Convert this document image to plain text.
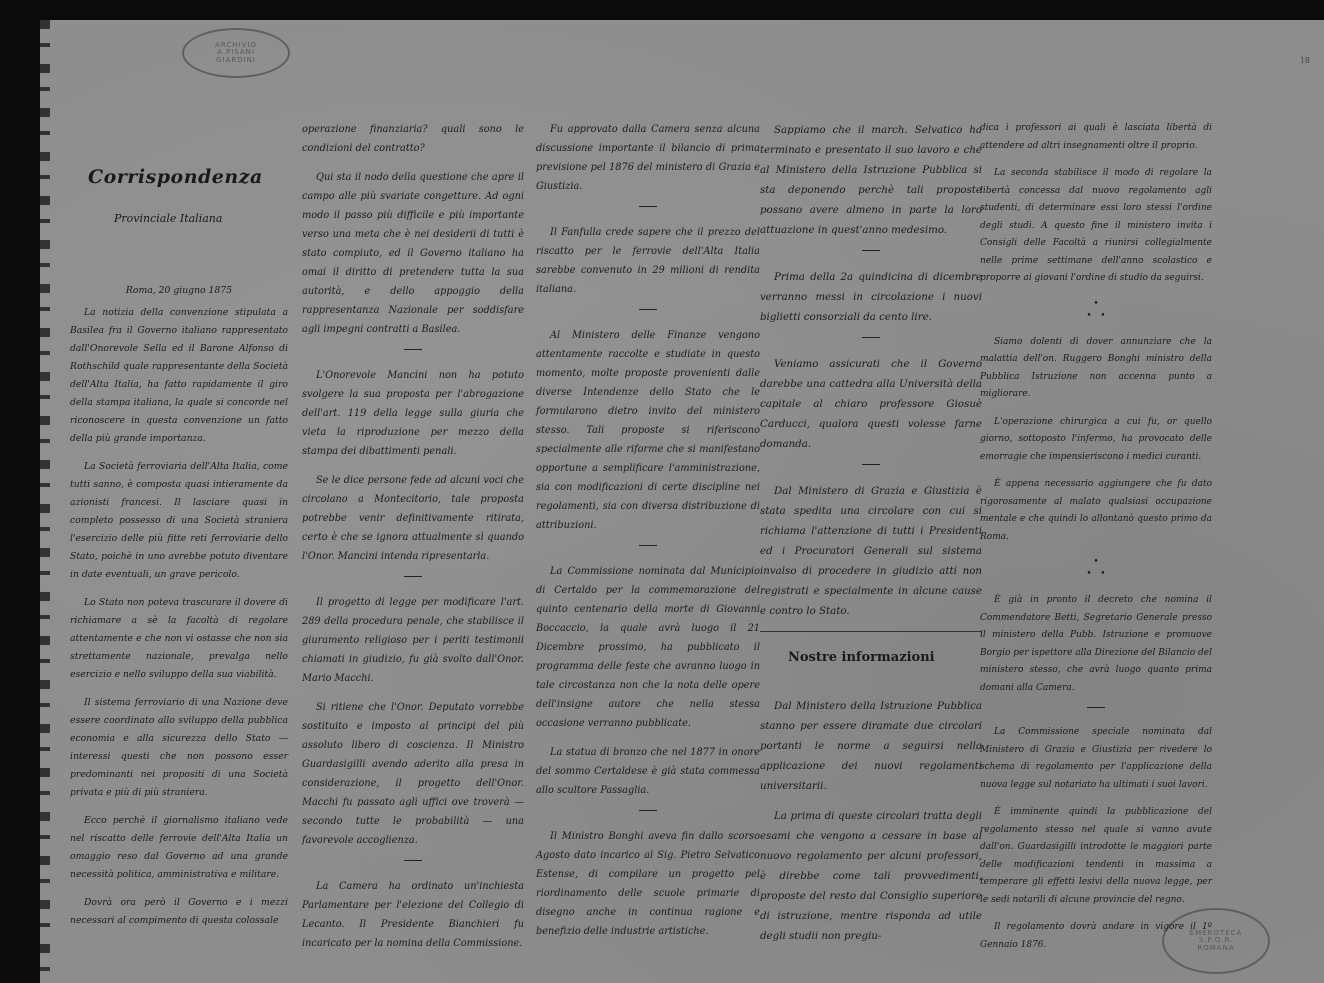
18
ARCHIVIO
A.PISANI
GIARDINI
EMEROTECA
S.P.Q.R.
ROMANA
Corrispondenza
Provinciale Italiana

Roma, 20 giugno 1875

La notizia della convenzione stipulata a Basilea fra il Governo italiano rappresentato dall'Onorevole Sella ed il Barone Alfonso di Rothschild quale rappresentante della Società dell'Alta Italia, ha fatto rapidamente il giro della stampa italiana, la quale si concorde nel riconoscere in questa convenzione un fatto della più grande importanza.

La Società ferroviaria dell'Alta Italia, come tutti sanno, è composta quasi intieramente da azionisti francesi. Il lasciare quasi in completo possesso di una Società straniera l'esercizio delle più fitte reti ferroviarie dello Stato, poichè in uno avrebbe potuto diventare in date eventuali, un grave pericolo.

Lo Stato non poteva trascurare il dovere di richiamare a sè la facoltà di regolare attentamente e che non vi ostasse che non sia strettamente nazionale, prevalga nello esercizio e nello sviluppo della sua viabilità.

Il sistema ferroviario di una Nazione deve essere coordinato allo sviluppo della pubblica economia e alla sicurezza dello Stato — interessi questi che non possono esser predominanti nei propositi di una Società privata e più di più straniera.

Ecco perchè il giornalismo italiano vede nel riscatto delle ferrovie dell'Alta Italia un omaggio reso dal Governo ad una grande necessità politica, amministrativa e militare.

Dovrà ora però il Governo e i mezzi necessari al compimento di questa colossale

operazione finanziaria? quali sono le condizioni del contratto?

Qui sta il nodo della questione che apre il campo alle più svariate congetture. Ad ogni modo il passo più difficile e più importante verso una meta che è nei desiderii di tutti è stato compiuto, ed il Governo italiano ha omai il diritto di pretendere tutta la sua autorità, e dello appoggio della rappresentanza Nazionale per soddisfare agli impegni contratti a Basilea.

L'Onorevole Mancini non ha potuto svolgere la sua proposta per l'abrogazione dell'art. 119 della legge sulla giuria che vieta la riproduzione per mezzo della stampa dei dibattimenti penali.

Se le dice persone fede ad alcuni voci che circolano a Montecitorio, tale proposta potrebbe venir definitivamente ritirata, certo è che se ignora attualmente sì quando l'Onor. Mancini intenda ripresentarla.

Il progetto di legge per modificare l'art. 289 della procedura penale, che stabilisce il giuramento religioso per i periti testimonii chiamati in giudizio, fu già svolto dall'Onor. Mario Macchi.

Si ritiene che l'Onor. Deputato vorrebbe sostituito e imposto al principi del più assoluto libero di coscienza. Il Ministro Guardasigilli avendo aderito alla presa in considerazione, il progetto dell'Onor. Macchi fu passato agli uffici ove troverà — secondo tutte le probabilità — una favorevole accoglienza.

La Camera ha ordinato un'inchiesta Parlamentare per l'elezione del Collegio di Lecanto. Il Presidente Bianchieri fu incaricato per la nomina della Commissione.

Fu approvato dalla Camera senza alcuna discussione importante il bilancio di prima previsione pel 1876 del ministero di Grazia e Giustizia.

Il Fanfulla crede sapere che il prezzo del riscatto per le ferrovie dell'Alta Italia sarebbe convenuto in 29 milioni di rendita italiana.

Al Ministero delle Finanze vengono attentamente raccolte e studiate in questo momento, molte proposte provenienti dalle diverse Intendenze dello Stato che le formularono dietro invito del ministero stesso. Tali proposte si riferiscono specialmente alle riforme che si manifestano opportune a semplificare l'amministrazione, sia con modificazioni di certe discipline nei regolamenti, sia con diversa distribuzione di attribuzioni.

La Commissione nominata dal Municipio di Certaldo per la commemorazione del quinto centenario della morte di Giovanni Boccaccio, la quale avrà luogo il 21 Dicembre prossimo, ha pubblicato il programma delle feste che avranno luogo in tale circostanza non che la nota delle opere dell'insigne autore che nella stessa occasione verranno pubblicate.

La statua di bronzo che nel 1877 in onore del sommo Certaldese è già stata commessa allo scultore Passaglia.

Il Ministro Bonghi aveva fin dallo scorso Agosto dato incarico al Sig. Pietro Selvatico Estense, di compilare un progetto pel riordinamento delle scuole primarie di disegno anche in continua ragione e benefizio delle industrie artistiche.

Sappiamo che il march. Selvatico ha terminato e presentato il suo lavoro e che al Ministero della Istruzione Pubblica si sta deponendo perchè tali proposte possano avere almeno in parte la loro attuazione in quest'anno medesimo.

Prima della 2a quindicina di dicembre verranno messi in circolazione i nuovi biglietti consorziali da cento lire.

Veniamo assicurati che il Governo darebbe una cattedra alla Università della capitale al chiaro professore Giosuè Carducci, qualora questi volesse farne domanda.

Dal Ministero di Grazia e Giustizia è stata spedita una circolare con cui si richiama l'attenzione di tutti i Presidenti ed i Procuratori Generali sul sistema invalso di procedere in giudizio atti non registrati e specialmente in alcune cause e contro lo Stato.

Nostre informazioni

Dal Ministero della Istruzione Pubblica stanno per essere diramate due circolari portanti le norme a seguirsi nella applicazione dei nuovi regolamenti universitarii.

La prima di queste circolari tratta degli esami che vengono a cessare in base al nuovo regolamento per alcuni professori, è direbbe come tali provvedimenti, proposte del resto dal Consiglio superiore di istruzione, mentre risponda ad utile degli studii non pregiu-

dica i professori ai quali è lasciata libertà di attendere ad altri insegnamenti oltre il proprio.

La seconda stabilisce il modo di regolare la libertà concessa dal nuovo regolamento agli studenti, di determinare essi loro stessi l'ordine degli studi. A questo fine il ministero invita i Consigli delle Facoltà a riunirsi collegialmente nelle prime settimane dell'anno scolastico e proporre ai giovani l'ordine di studio da seguirsi.

•
•   •

Siamo dolenti di dover annunziare che la malattia dell'on. Ruggero Bonghi ministro della Pubblica Istruzione non accenna punto a migliorare.

L'operazione chirurgica a cui fu, or quello giorno, sottoposto l'infermo, ha provocato delle emorragie che impensieriscono i medici curanti.

È appena necessario aggiungere che fu dato rigorosamente al malato qualsiasi occupazione mentale e che quindi lo allontanò questo primo da Roma.

•
•   •

È già in pronto il decreto che nomina il Commendatore Betti, Segretario Generale presso il ministero della Pubb. Istruzione e promuove Borgio per ispettore alla Direzione del Bilancio del ministero stesso, che avrà luogo quanto prima domani alla Camera.

La Commissione speciale nominata dal Ministero di Grazia e Giustizia per rivedere lo schema di regolamento per l'applicazione della nuova legge sul notariato ha ultimati i suoi lavori.

È imminente quindi la pubblicazione del regolamento stesso nel quale si vanno avute dall'on. Guardasigilli introdotte le maggiori parte delle modificazioni tendenti in massima a temperare gli effetti lesivi della nuova legge, per le sedi notarili di alcune provincie del regno.

Il regolamento dovrà andare in vigore il 1º Gennaio 1876.
